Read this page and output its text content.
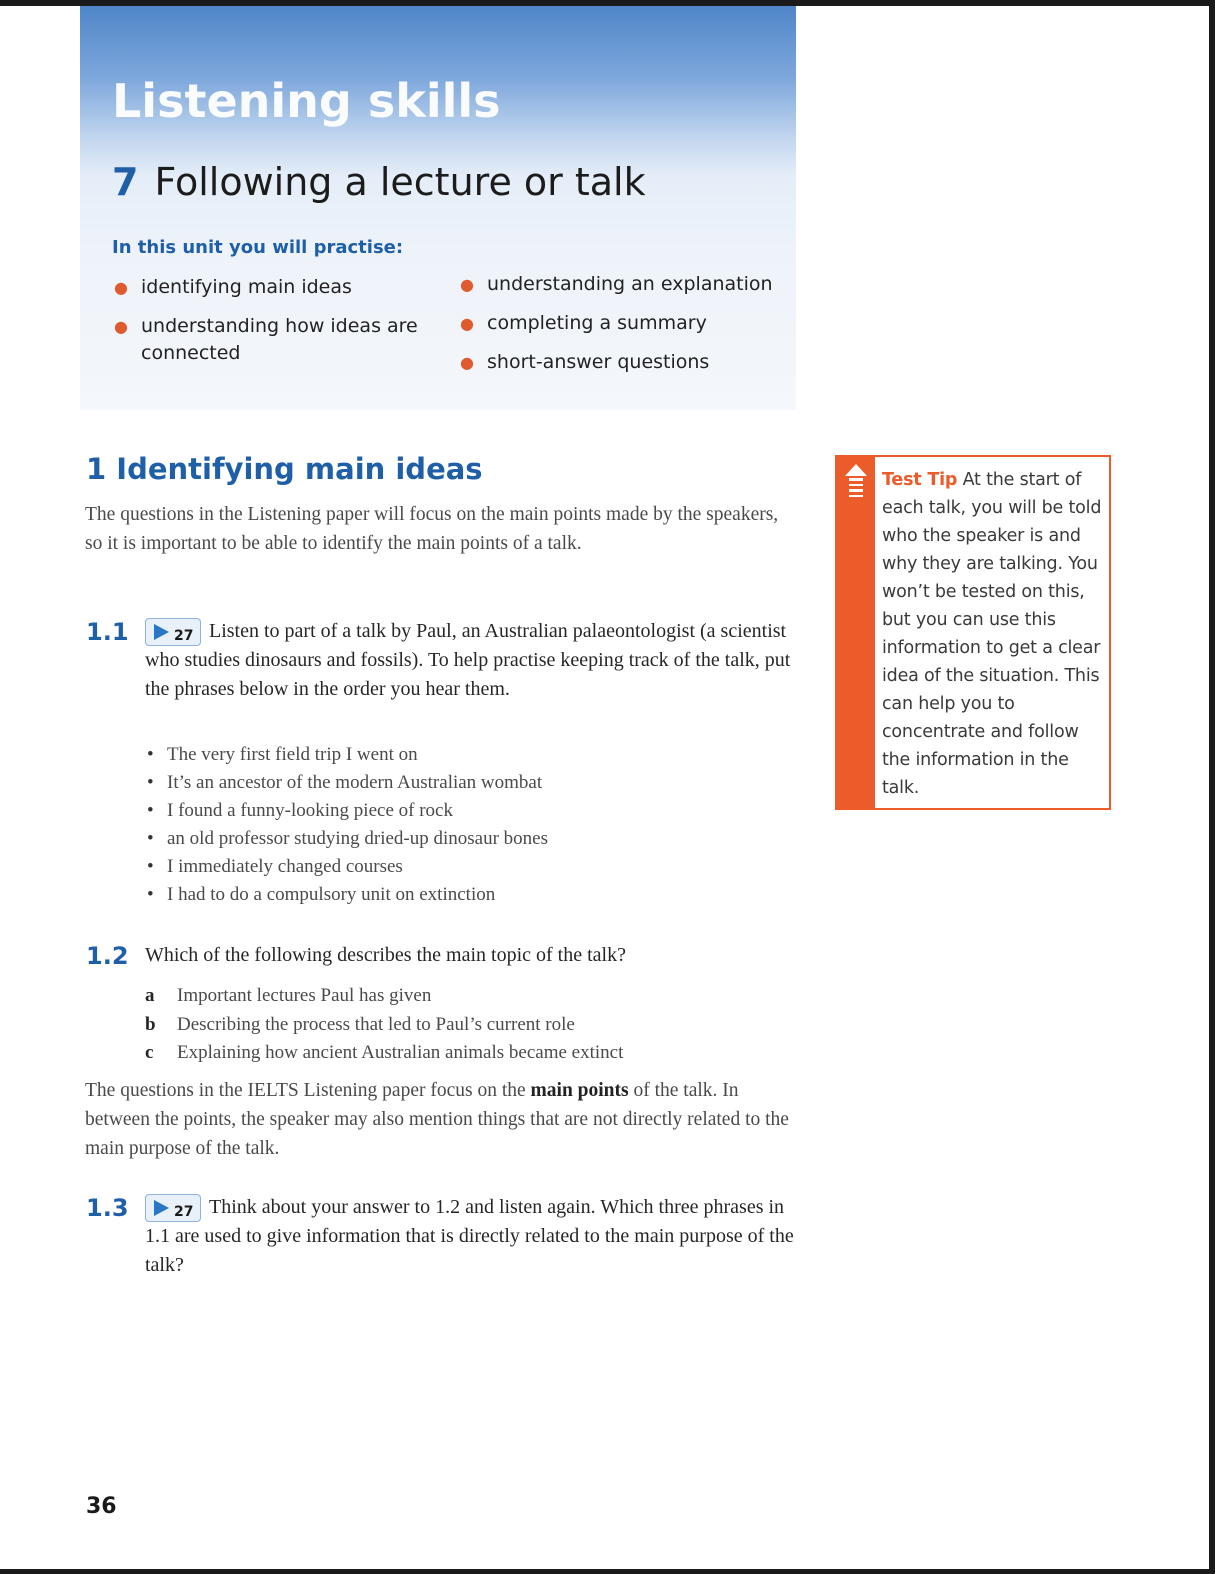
Listening skills
7 Following a lecture or talk

In this unit you will practise:

● identifying main ideas
● understanding how ideas are connected
● understanding an explanation
● completing a summary
● short-answer questions
1 Identifying main ideas

The questions in the Listening paper will focus on the main points made by the speakers, so it is important to be able to identify the main points of a talk.

1.1	27 Listen to part of a talk by Paul, an Australian palaeontologist (a scientist who studies dinosaurs and fossils). To help practise keeping track of the talk, put the phrases below in the order you hear them.

• The very first field trip I went on
• It’s an ancestor of the modern Australian wombat
• I found a funny-looking piece of rock
• an old professor studying dried-up dinosaur bones
• I immediately changed courses
• I had to do a compulsory unit on extinction
1.2 Which of the following describes the main topic of the talk?

a Important lectures Paul has given
b Describing the process that led to Paul’s current role
c Explaining how ancient Australian animals became extinct

The questions in the IELTS Listening paper focus on the main points of the talk. In between the points, the speaker may also mention things that are not directly related to the main purpose of the talk.

1.3	27 Think about your answer to 1.2 and listen again. Which three phrases in 1.1 are used to give information that is directly related to the main purpose of the talk?

Test Tip At the start of each talk, you will be told who the speaker is and why they are talking. You won’t be tested on this, but you can use this information to get a clear idea of the situation. This can help you to concentrate and follow the information in the talk.

36
